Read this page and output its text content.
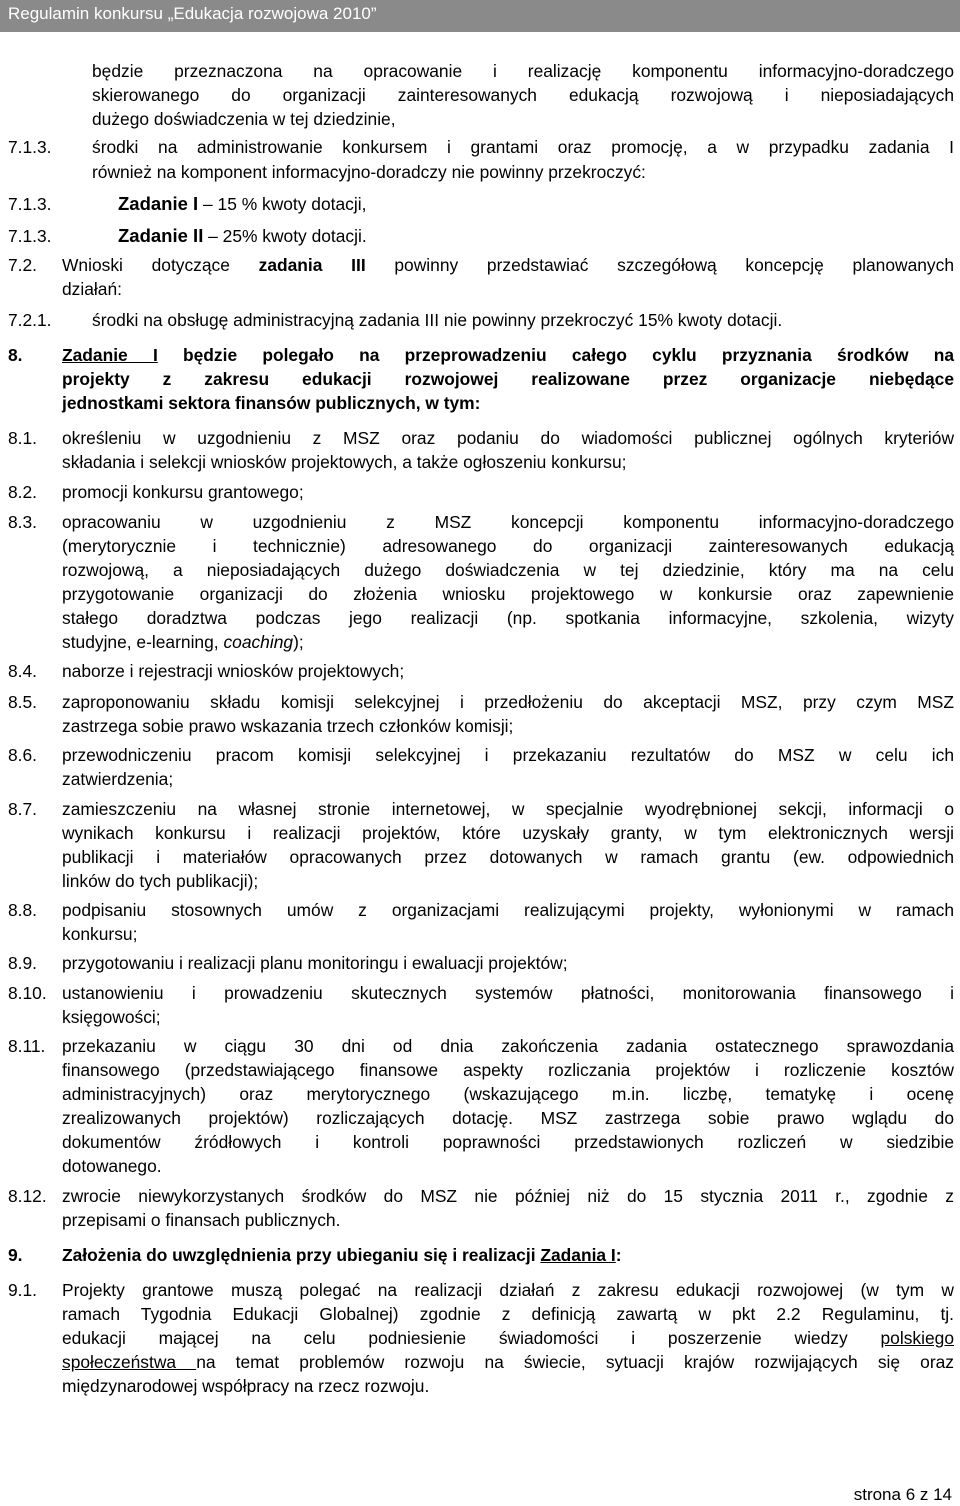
Regulamin konkursu „Edukacja rozwojowa 2010”
będzie przeznaczona na opracowanie i realizację komponentu informacyjno-doradczego
skierowanego do organizacji zainteresowanych edukacją rozwojową i nieposiadających
dużego doświadczenia w tej dziedzinie,
7.1.3. środki na administrowanie konkursem i grantami oraz promocję, a w przypadku zadania I
również na komponent informacyjno-doradczy nie powinny przekroczyć:
7.1.3.	Zadanie I – 15 % kwoty dotacji,
7.1.3.	Zadanie II – 25% kwoty dotacji.
7.2. Wnioski dotyczące zadania III powinny przedstawiać szczegółową koncepcję planowanych
działań:
7.2.1. środki na obsługę administracyjną zadania III nie powinny przekroczyć 15% kwoty dotacji.
8. Zadanie I będzie polegało na przeprowadzeniu całego cyklu przyznania środków na
projekty z zakresu edukacji rozwojowej realizowane przez organizacje niebędące
jednostkami sektora finansów publicznych, w tym:
8.1. określeniu w uzgodnieniu z MSZ oraz podaniu do wiadomości publicznej ogólnych kryteriów
składania i selekcji wniosków projektowych, a także ogłoszeniu konkursu;
8.2. promocji konkursu grantowego;
8.3. opracowaniu w uzgodnieniu z MSZ koncepcji komponentu informacyjno-doradczego
(merytorycznie i technicznie) adresowanego do organizacji zainteresowanych edukacją
rozwojową, a nieposiadających dużego doświadczenia w tej dziedzinie, który ma na celu
przygotowanie organizacji do złożenia wniosku projektowego w konkursie oraz zapewnienie
stałego doradztwa podczas jego realizacji (np. spotkania informacyjne, szkolenia, wizyty
studyjne, e-learning, coaching);
8.4. naborze i rejestracji wniosków projektowych;
8.5. zaproponowaniu składu komisji selekcyjnej i przedłożeniu do akceptacji MSZ, przy czym MSZ
zastrzega sobie prawo wskazania trzech członków komisji;
8.6. przewodniczeniu pracom komisji selekcyjnej i przekazaniu rezultatów do MSZ w celu ich
zatwierdzenia;
8.7. zamieszczeniu na własnej stronie internetowej, w specjalnie wyodrębnionej sekcji, informacji o
wynikach konkursu i realizacji projektów, które uzyskały granty, w tym elektronicznych wersji
publikacji i materiałów opracowanych przez dotowanych w ramach grantu (ew. odpowiednich
linków do tych publikacji);
8.8. podpisaniu stosownych umów z organizacjami realizującymi projekty, wyłonionymi w ramach
konkursu;
8.9. przygotowaniu i realizacji planu monitoringu i ewaluacji projektów;
8.10. ustanowieniu i prowadzeniu skutecznych systemów płatności, monitorowania finansowego i
księgowości;
8.11. przekazaniu w ciągu 30 dni od dnia zakończenia zadania ostatecznego sprawozdania
finansowego (przedstawiającego finansowe aspekty rozliczania projektów i rozliczenie kosztów
administracyjnych) oraz merytorycznego (wskazującego m.in. liczbę, tematykę i ocenę
zrealizowanych projektów) rozliczających dotację. MSZ zastrzega sobie prawo wglądu do
dokumentów źródłowych i kontroli poprawności przedstawionych rozliczeń w siedzibie
dotowanego.
8.12. zwrocie niewykorzystanych środków do MSZ nie później niż do 15 stycznia 2011 r., zgodnie z
przepisami o finansach publicznych.
9. Założenia do uwzględnienia przy ubieganiu się i realizacji Zadania I:
9.1. Projekty grantowe muszą polegać na realizacji działań z zakresu edukacji rozwojowej (w tym w
ramach Tygodnia Edukacji Globalnej) zgodnie z definicją zawartą w pkt 2.2 Regulaminu, tj.
edukacji mającej na celu podniesienie świadomości i poszerzenie wiedzy polskiego
społeczeństwa na temat problemów rozwoju na świecie, sytuacji krajów rozwijających się oraz
międzynarodowej współpracy na rzecz rozwoju.
strona 6 z 14
